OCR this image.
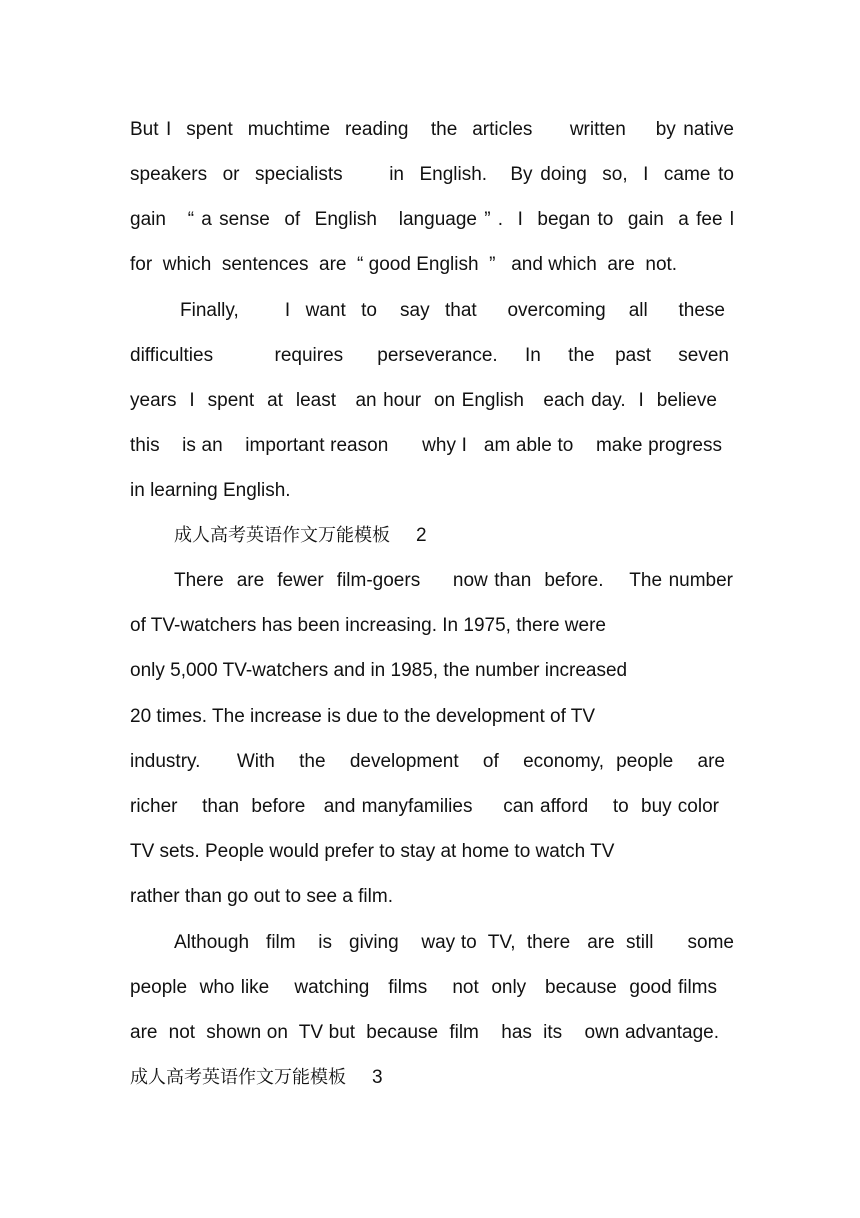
But I  spent  muchtime  reading   the  articles     written    by native
speakers  or  specialists      in  English.   By doing  so,  I  came to
gain   “ a sense  of  English   language ” .  I  began to  gain  a fee l
for  which  sentences  are  “ good English  ”   and which  are  not.
Finally,      I  want  to   say  that    overcoming   all    these
difficulties         requires     perseverance.    In    the   past    seven
years  I  spent  at  least   an hour  on English   each day.  I  believe
this    is an    important reason      why I   am able to    make progress
in learning English.
成人高考英语作文万能模板 2
There  are  fewer  film-goers     now than  before.    The number
of TV-watchers has been increasing. In 1975, there were
only 5,000 TV-watchers and in 1985, the number increased
20 times. The increase is due to the development of TV
industry.      With    the    development    of    economy,  people    are
richer    than  before   and manyfamilies     can afford    to  buy color
TV sets. People would prefer to stay at home to watch TV
rather than go out to see a film.
Although   film    is   giving    way to  TV,  there   are  still      some
people  who like    watching   films    not  only   because  good films
are  not  shown on  TV but  because  film    has  its    own advantage.
成人高考英语作文万能模板 3
